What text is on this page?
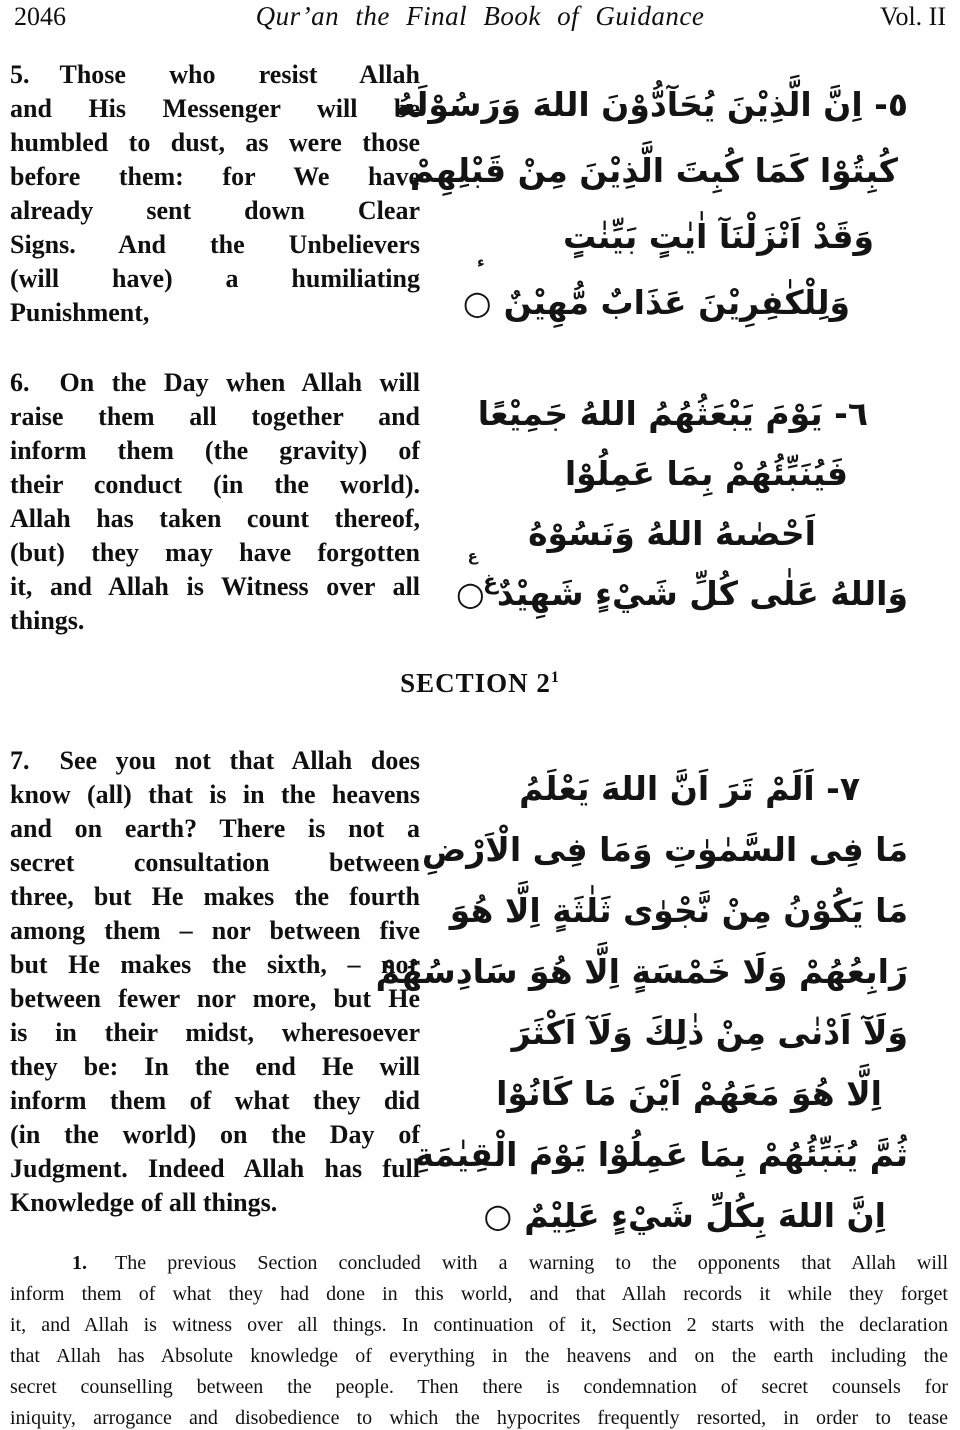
2046	Qur’an the Final Book of Guidance	Vol. II
5. Those who resist Allah
and His Messenger will be
humbled to dust, as were those
before them: for We have
already sent down Clear
Signs. And the Unbelievers
(will have) a humiliating
Punishment,
٥- اِنَّ الَّذِيْنَ يُحَآدُّوْنَ اللهَ وَرَسُوْلَهُ
كُبِتُوْا كَمَا كُبِتَ الَّذِيْنَ مِنْ قَبْلِهِمْ
وَقَدْ اَنْزَلْنَآ اٰيٰتٍ بَيِّنٰتٍ
وَلِلْكٰفِرِيْنَ عَذَابٌ مُّهِيْنٌ
ء
○
6. On the Day when Allah will
raise them all together and
inform them (the gravity) of
their conduct (in the world).
Allah has taken count thereof,
(but) they may have forgotten
it, and Allah is Witness over all
things.
٦- يَوْمَ يَبْعَثُهُمُ اللهُ جَمِيْعًا
فَيُنَبِّئُهُمْ بِمَا عَمِلُوْا
اَحْصٰىهُ اللهُ وَنَسُوْهُ
وَاللهُ عَلٰى كُلِّ شَيْءٍ شَهِيْدٌ
ع
○
غ
SECTION $2^1$
7. See you not that Allah does
know (all) that is in the heavens
and on earth? There is not a
secret consultation between
three, but He makes the fourth
among them – nor between five
but He makes the sixth, – nor
between fewer nor more, but He
is in their midst, wheresoever
they be: In the end He will
inform them of what they did
(in the world) on the Day of
Judgment. Indeed Allah has full
Knowledge of all things.
٧- اَلَمْ تَرَ اَنَّ اللهَ يَعْلَمُ
مَا فِى السَّمٰوٰتِ وَمَا فِى الْاَرْضِ
مَا يَكُوْنُ مِنْ نَّجْوٰى ثَلٰثَةٍ اِلَّا هُوَ
رَابِعُهُمْ وَلَا خَمْسَةٍ اِلَّا هُوَ سَادِسُهُمْ
وَلَآ اَدْنٰى مِنْ ذٰلِكَ وَلَآ اَكْثَرَ
اِلَّا هُوَ مَعَهُمْ اَيْنَ مَا كَانُوْا
ثُمَّ يُنَبِّئُهُمْ بِمَا عَمِلُوْا يَوْمَ الْقِيٰمَةِ
اِنَّ اللهَ بِكُلِّ شَيْءٍ عَلِيْمٌ
○
1. The previous Section concluded with a warning to the opponents that Allah will
inform them of what they had done in this world, and that Allah records it while they forget
it, and Allah is witness over all things. In continuation of it, Section 2 starts with the declaration
that Allah has Absolute knowledge of everything in the heavens and on the earth including the
secret counselling between the people. Then there is condemnation of secret counsels for
iniquity, arrogance and disobedience to which the hypocrites frequently resorted, in order to tease
